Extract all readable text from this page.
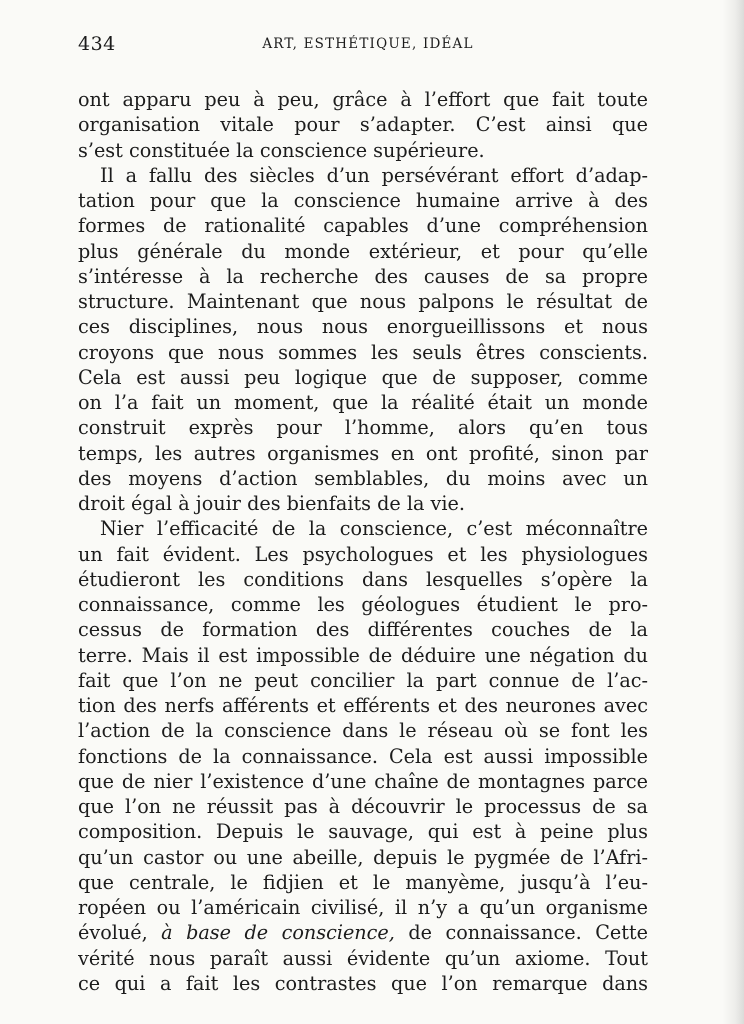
434	ART, ESTHÉTIQUE, IDÉAL
ont apparu peu à peu, grâce à l’effort que fait toute
organisation vitale pour s’adapter. C’est ainsi que
s’est constituée la conscience supérieure.
Il a fallu des siècles d’un persévérant effort d’adap-
tation pour que la conscience humaine arrive à des
formes de rationalité capables d’une compréhension
plus générale du monde extérieur, et pour qu’elle
s’intéresse à la recherche des causes de sa propre
structure. Maintenant que nous palpons le résultat de
ces disciplines, nous nous enorgueillissons et nous
croyons que nous sommes les seuls êtres conscients.
Cela est aussi peu logique que de supposer, comme
on l’a fait un moment, que la réalité était un monde
construit exprès pour l’homme, alors qu’en tous
temps, les autres organismes en ont profité, sinon par
des moyens d’action semblables, du moins avec un
droit égal à jouir des bienfaits de la vie.
Nier l’efficacité de la conscience, c’est méconnaître
un fait évident. Les psychologues et les physiologues
étudieront les conditions dans lesquelles s’opère la
connaissance, comme les géologues étudient le pro-
cessus de formation des différentes couches de la
terre. Mais il est impossible de déduire une négation du
fait que l’on ne peut concilier la part connue de l’ac-
tion des nerfs afférents et efférents et des neurones avec
l’action de la conscience dans le réseau où se font les
fonctions de la connaissance. Cela est aussi impossible
que de nier l’existence d’une chaîne de montagnes parce
que l’on ne réussit pas à découvrir le processus de sa
composition. Depuis le sauvage, qui est à peine plus
qu’un castor ou une abeille, depuis le pygmée de l’Afri-
que centrale, le fidjien et le manyème, jusqu’à l’eu-
ropéen ou l’américain civilisé, il n’y a qu’un organisme
évolué, à base de conscience, de connaissance. Cette
vérité nous paraît aussi évidente qu’un axiome. Tout
ce qui a fait les contrastes que l’on remarque dans
